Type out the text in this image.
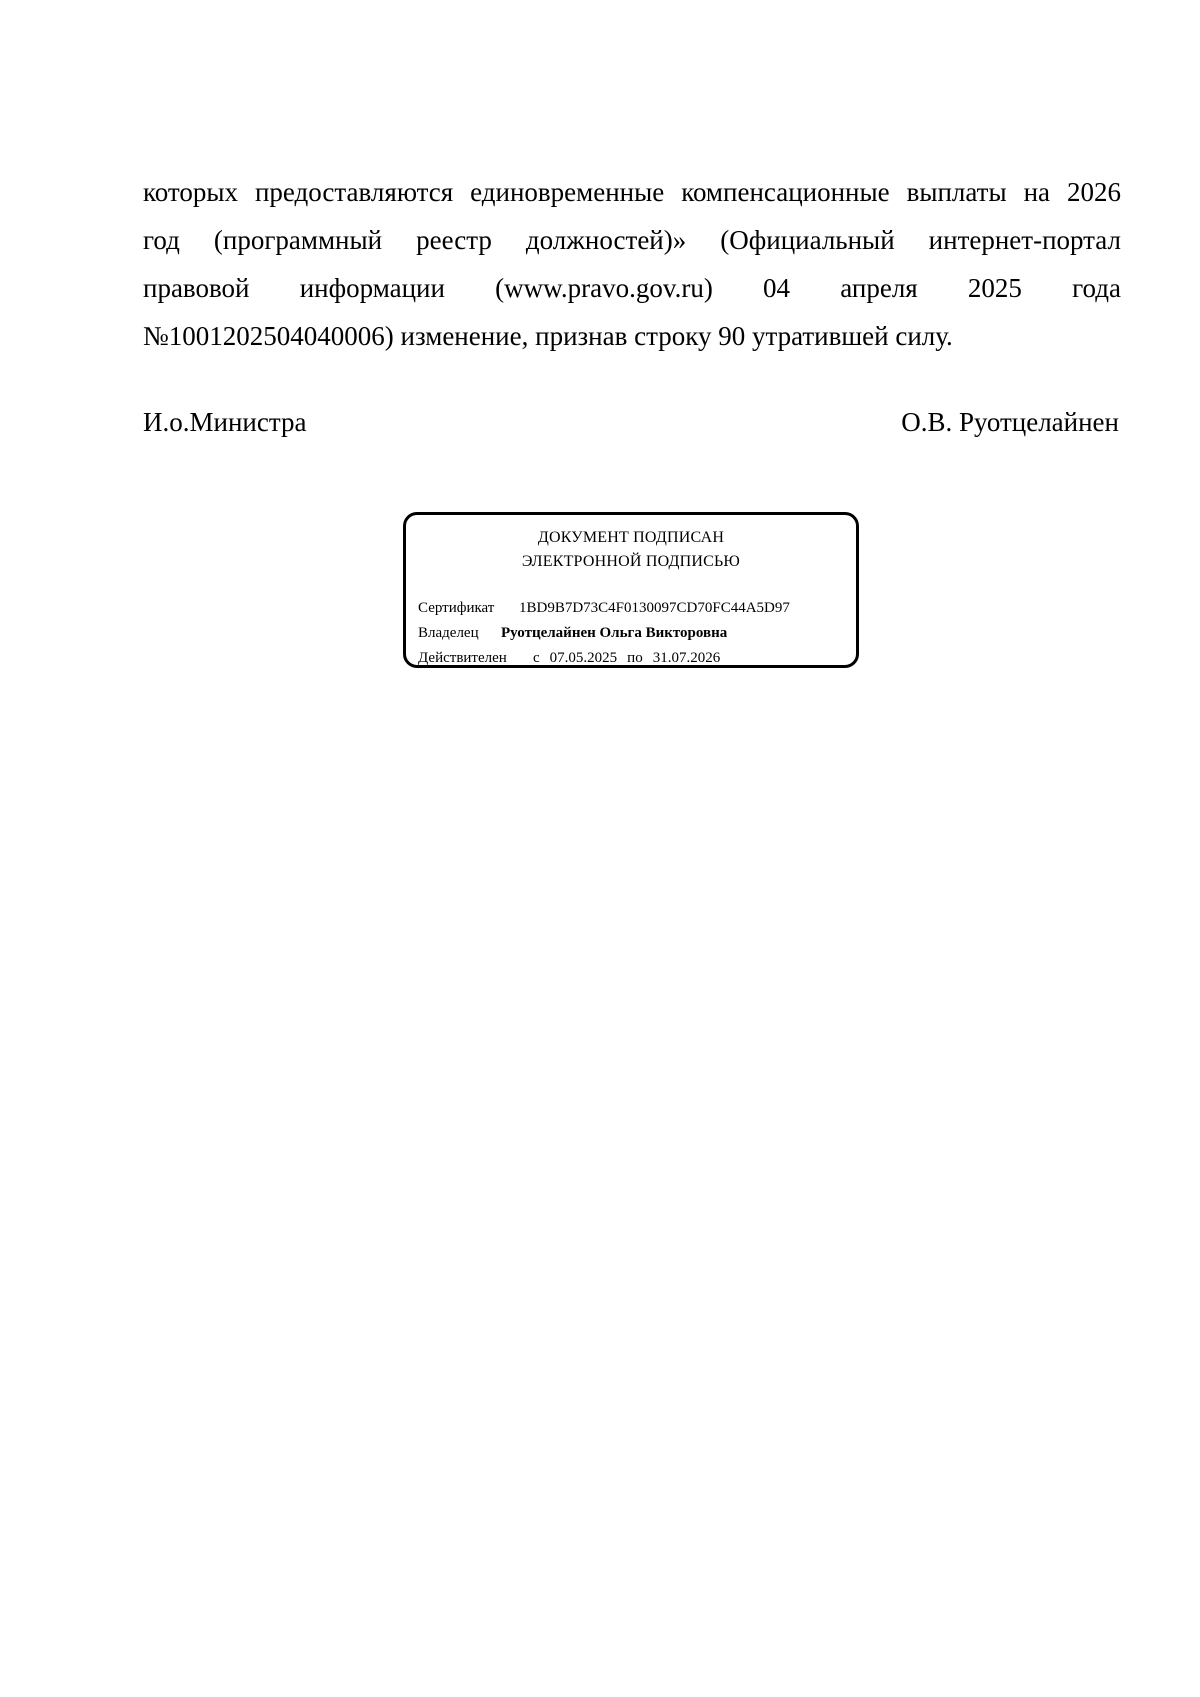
которых предоставляются единовременные компенсационные выплаты на 2026
год (программный реестр должностей)» (Официальный интернет-портал
правовой информации (www.pravo.gov.ru) 04 апреля 2025 года
№1001202504040006) изменение, признав строку 90 утратившей силу.

И.о.Министра	О.В. Руотцелайнен
ДОКУМЕНТ ПОДПИСАН
ЭЛЕКТРОННОЙ ПОДПИСЬЮ
Сертификат 1BD9B7D73C4F0130097CD70FC44A5D97
Владелец Руотцелайнен Ольга Викторовна
Действителен с 07.05.2025 по 31.07.2026
